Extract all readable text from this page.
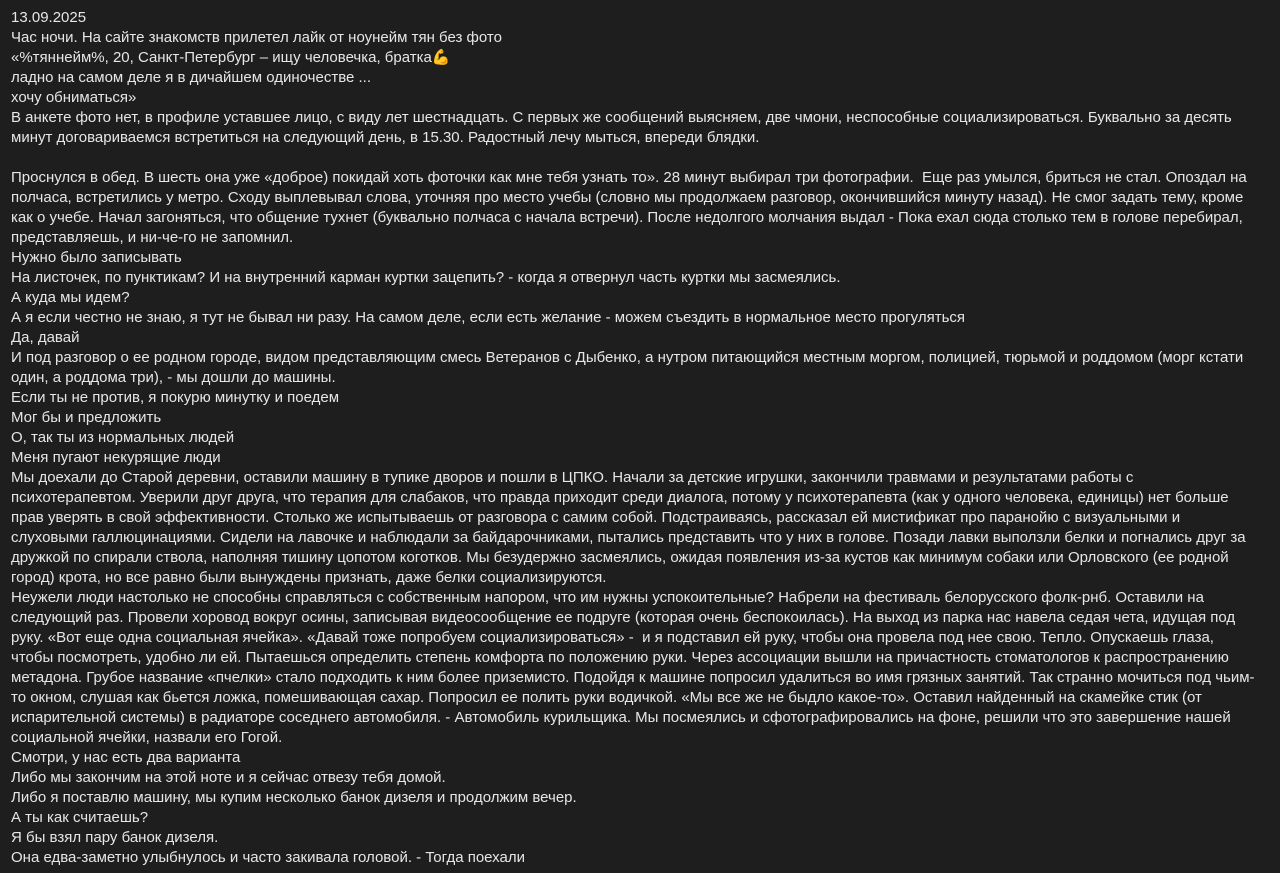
13.09.2025
Час ночи. На сайте знакомств прилетел лайк от ноунейм тян без фото
«%тяннейм%, 20, Санкт-Петербург – ищу человечка, братка💪
ладно на самом деле я в дичайшем одиночестве ...
хочу обниматься»
В анкете фото нет, в профиле уставшее лицо, с виду лет шестнадцать. С первых же сообщений выясняем, две чмони, неспособные социализироваться. Буквально за десять минут договариваемся встретиться на следующий день, в 15.30. Радостный лечу мыться, впереди блядки.
Проснулся в обед. В шесть она уже «доброе) покидай хоть фоточки как мне тебя узнать то». 28 минут выбирал три фотографии.  Еще раз умылся, бриться не стал. Опоздал на полчаса, встретились у метро. Сходу выплевывал слова, уточняя про место учебы (словно мы продолжаем разговор, окончившийся минуту назад). Не смог задать тему, кроме как о учебе. Начал загоняться, что общение тухнет (буквально полчаса с начала встречи). После недолгого молчания выдал - Пока ехал сюда столько тем в голове перебирал, представляешь, и ни-че-го не запомнил.
Нужно было записывать
На листочек, по пунктикам? И на внутренний карман куртки зацепить? - когда я отвернул часть куртки мы засмеялись.
А куда мы идем?
А я если честно не знаю, я тут не бывал ни разу. На самом деле, если есть желание - можем съездить в нормальное место прогуляться
Да, давай
И под разговор о ее родном городе, видом представляющим смесь Ветеранов с Дыбенко, а нутром питающийся местным моргом, полицией, тюрьмой и роддомом (морг кстати один, а роддома три), - мы дошли до машины.
Если ты не против, я покурю минутку и поедем
Мог бы и предложить
О, так ты из нормальных людей
Меня пугают некурящие люди
Мы доехали до Старой деревни, оставили машину в тупике дворов и пошли в ЦПКО. Начали за детские игрушки, закончили травмами и результатами работы с психотерапевтом. Уверили друг друга, что терапия для слабаков, что правда приходит среди диалога, потому у психотерапевта (как у одного человека, единицы) нет больше прав уверять в свой эффективности. Столько же испытываешь от разговора с самим собой. Подстраиваясь, рассказал ей мистификат про паранойю с визуальными и слуховыми галлюцинациями. Сидели на лавочке и наблюдали за байдарочниками, пытались представить что у них в голове. Позади лавки выползли белки и погнались друг за дружкой по спирали ствола, наполняя тишину цопотом коготков. Мы безудержно засмеялись, ожидая появления из-за кустов как минимум собаки или Орловского (ее родной город) крота, но все равно были вынуждены признать, даже белки социализируются.
Неужели люди настолько не способны справляться с собственным напором, что им нужны успокоительные? Набрели на фестиваль белорусского фолк-рнб. Оставили на следующий раз. Провели хоровод вокруг осины, записывая видеосообщение ее подруге (которая очень беспокоилась). На выход из парка нас навела седая чета, идущая под руку. «Вот еще одна социальная ячейка». «Давай тоже попробуем социализироваться» -  и я подставил ей руку, чтобы она провела под нее свою. Тепло. Опускаешь глаза, чтобы посмотреть, удобно ли ей. Пытаешься определить степень комфорта по положению руки. Через ассоциации вышли на причастность стоматологов к распространению метадона. Грубое название «пчелки» стало подходить к ним более приземисто. Подойдя к машине попросил удалиться во имя грязных занятий. Так странно мочиться под чьим-то окном, слушая как бьется ложка, помешивающая сахар. Попросил ее полить руки водичкой. «Мы все же не быдло какое-то». Оставил найденный на скамейке стик (от испарительной системы) в радиаторе соседнего автомобиля. - Автомобиль курильщика. Мы посмеялись и сфотографировались на фоне, решили что это завершение нашей социальной ячейки, назвали его Гогой.
Смотри, у нас есть два варианта
Либо мы закончим на этой ноте и я сейчас отвезу тебя домой.
Либо я поставлю машину, мы купим несколько банок дизеля и продолжим вечер.
А ты как считаешь?
Я бы взял пару банок дизеля.
Она едва-заметно улыбнулось и часто закивала головой. - Тогда поехали
